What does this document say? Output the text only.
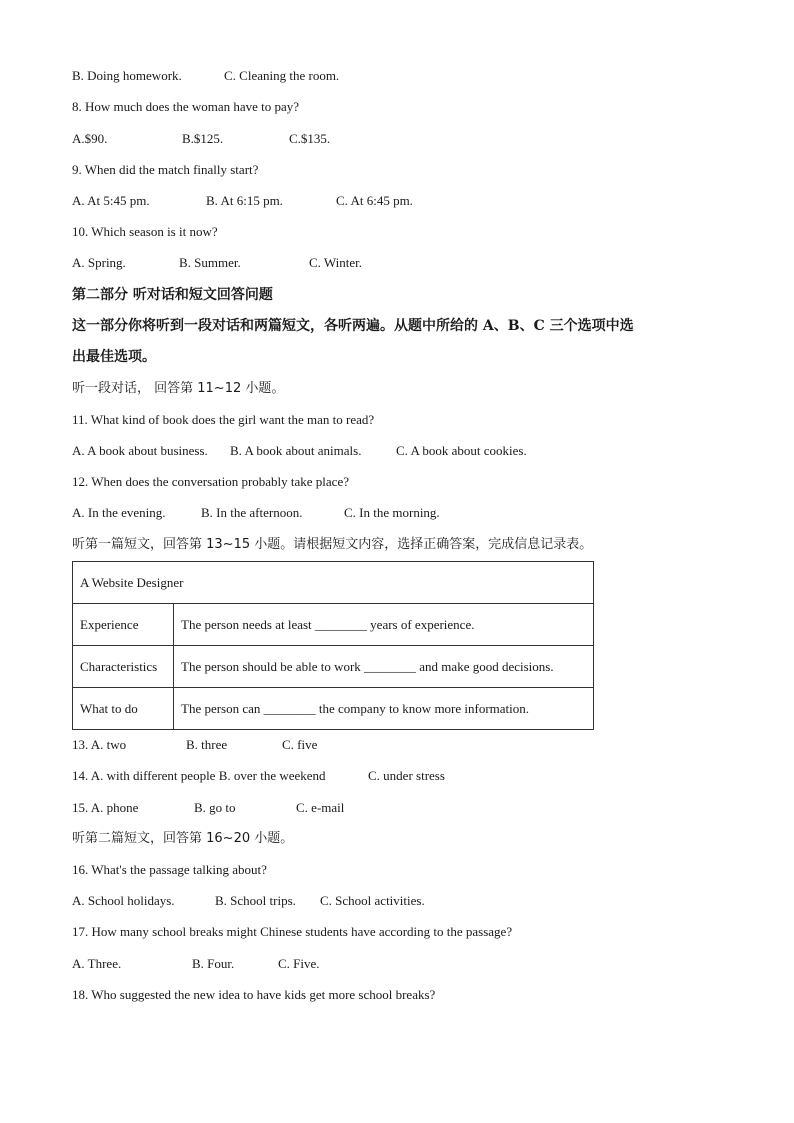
B. Doing homework.	C. Cleaning the room.
8. How much does the woman have to pay?
A.$90.	B.$125.	C.$135.
9. When did the match finally start?
A. At 5:45 pm.	B. At 6:15 pm.	C. At 6:45 pm.
10. Which season is it now?
A. Spring.	B. Summer.	C. Winter.
第二部分 听对话和短文回答问题
这一部分你将听到一段对话和两篇短文，各听两遍。从题中所给的 A、B、C 三个选项中选
出最佳选项。
听一段对话， 回答第 11~12 小题。
11. What kind of book does the girl want the man to read?
A. A book about business. B. A book about animals.	C. A book about cookies.
12. When does the conversation probably take place?
A. In the evening.	B. In the afternoon.	C. In the morning.
听第一篇短文，回答第 13~15 小题。请根据短文内容，选择正确答案，完成信息记录表。
A Website Designer	
Experience	The person needs at least ________ years of experience.
Characteristics	The person should be able to work ________ and make good decisions.
What to do	The person can ________ the company to know more information.
13. A. two	B. three	C. five
14. A. with different people B. over the weekend	C. under stress
15. A. phone	B. go to	C. e-mail
听第二篇短文，回答第 16~20 小题。
16. What's the passage talking about?
A. School holidays.	B. School trips. C. School activities.
17. How many school breaks might Chinese students have according to the passage?
A. Three.	B. Four.	C. Five.
18. Who suggested the new idea to have kids get more school breaks?
